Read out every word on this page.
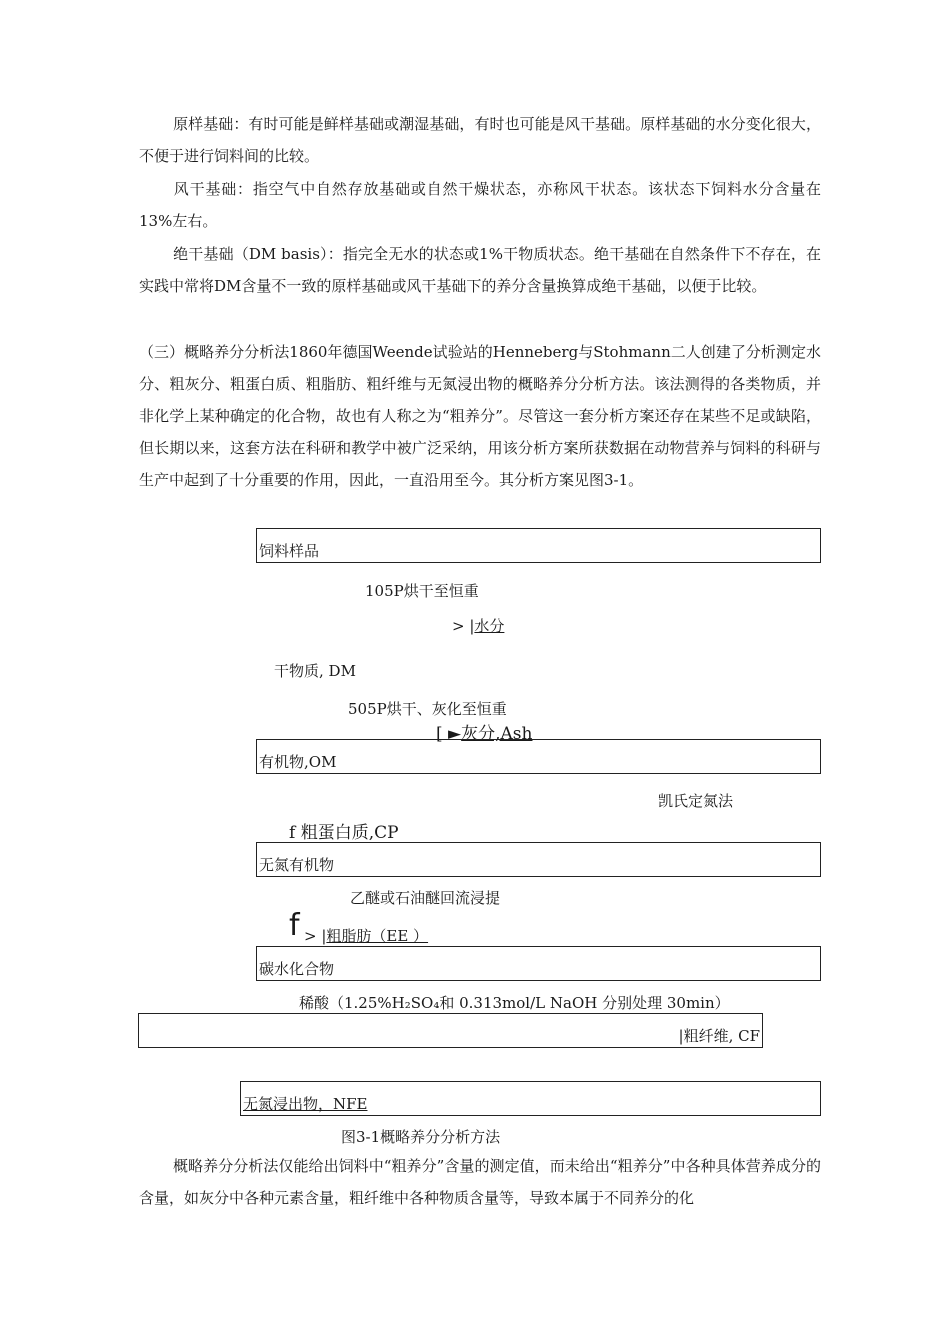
原样基础：有时可能是鲜样基础或潮湿基础，有时也可能是风干基础。原样基础的水分变化很大，不便于进行饲料间的比较。

风干基础：指空气中自然存放基础或自然干燥状态，亦称风干状态。该状态下饲料水分含量在13%左右。

绝干基础（DM basis）：指完全无水的状态或1%干物质状态。绝干基础在自然条件下不存在，在实践中常将DM含量不一致的原样基础或风干基础下的养分含量换算成绝干基础，以便于比较。

（三）概略养分分析法1860年德国Weende试验站的Henneberg与Stohmann二人创建了分析测定水分、粗灰分、粗蛋白质、粗脂肪、粗纤维与无氮浸出物的概略养分分析方法。该法测得的各类物质，并非化学上某种确定的化合物，故也有人称之为“粗养分”。尽管这一套分析方案还存在某些不足或缺陷，但长期以来，这套方法在科研和教学中被广泛采纳，用该分析方案所获数据在动物营养与饲料的科研与生产中起到了十分重要的作用，因此，一直沿用至今。其分析方案见图3-1。

饲料样品
105P烘干至恒重
> |水分
干物质, DM
505P烘干、灰化至恒重
[ ►灰分,Ash
有机物,OM
凯氏定氮法
f 粗蛋白质,CP
无氮有机物
乙醚或石油醚回流浸提
f > |粗脂肪（EE ）
碳水化合物
稀酸（1.25%H₂SO₄和 0.313mol/L NaOH 分别处理 30min）
|粗纤维, CF
无氮浸出物，NFE
图3-1概略养分分析方法

概略养分分析法仅能给出饲料中“粗养分”含量的测定值，而未给出“粗养分”中各种具体营养成分的含量，如灰分中各种元素含量，粗纤维中各种物质含量等，导致本属于不同养分的化
